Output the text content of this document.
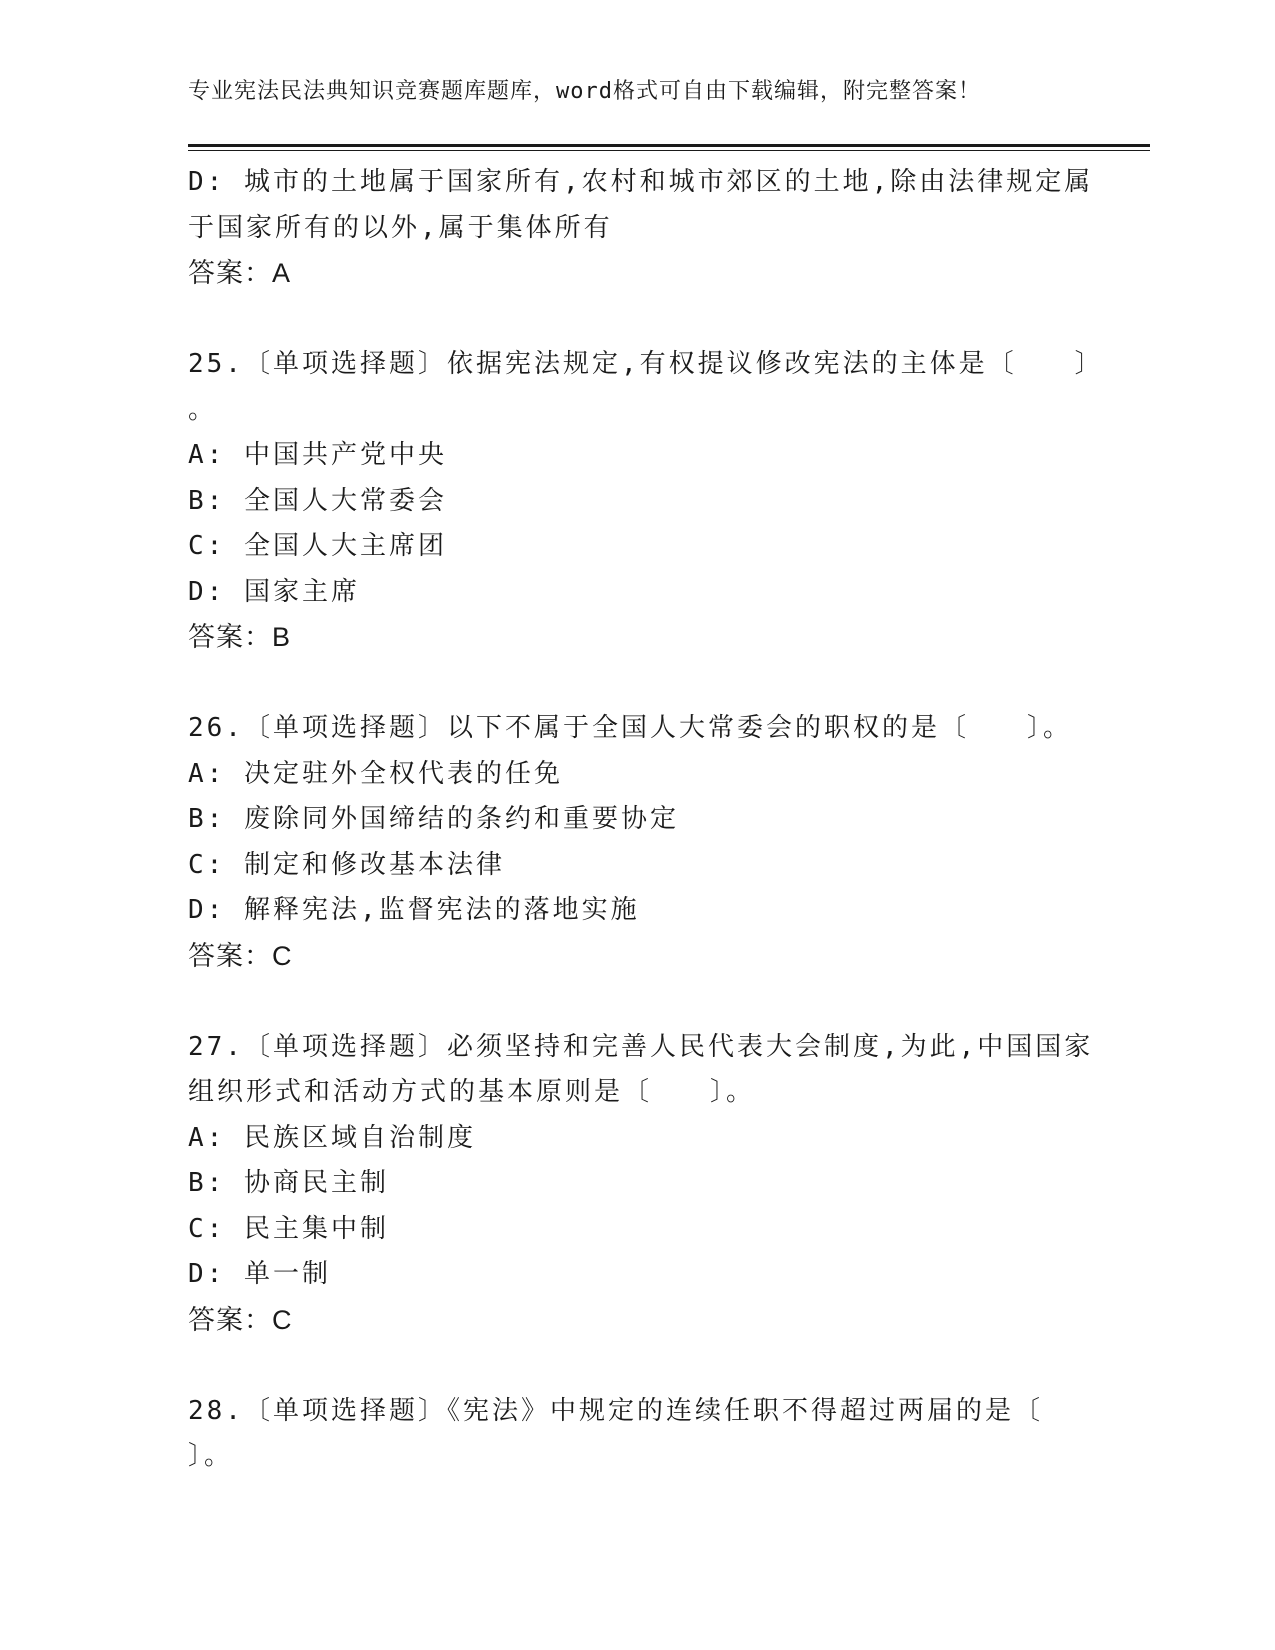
专业宪法民法典知识竞赛题库题库，word格式可自由下载编辑，附完整答案！
D: 城市的土地属于国家所有,农村和城市郊区的土地,除由法律规定属
于国家所有的以外,属于集体所有
答案：A
25.〔单项选择题〕依据宪法规定,有权提议修改宪法的主体是〔　　〕
。
A: 中国共产党中央
B: 全国人大常委会
C: 全国人大主席团
D: 国家主席
答案：B
26.〔单项选择题〕以下不属于全国人大常委会的职权的是〔　　〕。
A: 决定驻外全权代表的任免
B: 废除同外国缔结的条约和重要协定
C: 制定和修改基本法律
D: 解释宪法,监督宪法的落地实施
答案：C
27.〔单项选择题〕必须坚持和完善人民代表大会制度,为此,中国国家
组织形式和活动方式的基本原则是〔　　〕。
A: 民族区域自治制度
B: 协商民主制
C: 民主集中制
D: 单一制
答案：C
28.〔单项选择题〕《宪法》中规定的连续任职不得超过两届的是〔
〕。
